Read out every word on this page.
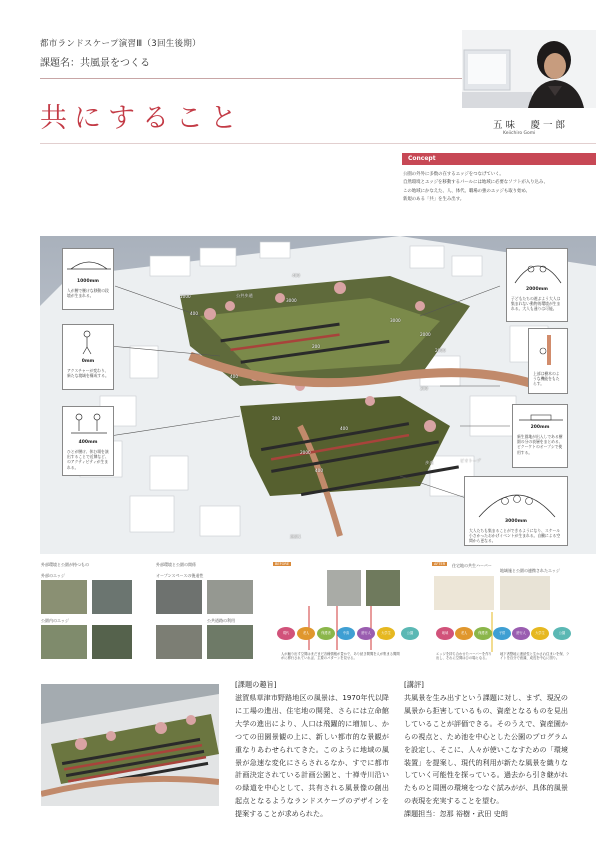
都市ランドスケープ演習Ⅲ（3回生後期）
課題名：共風景をつくる
共にすること	五味　慶一郎
Keiichiro Gomi
Concept
公園の外外に多数の在するエッジをつなげていく。
自然環境とエッジを移動するパールには地域に必要なソフトが入り込み、
この地域にかなえた、人、体代、職場の強のエッジも取り始め、
新規のある「共」を生み出す。
1000mm
人が腰で腰けな移動の段境が生まれる。
0mm
アクスチャーが変わり、新たな境域を構成する。
400mm
ひとが腰け、休む場を演出することで近隣など、のアクティビティが生まれる。
2000mm
子どもたちの遊ぶよう大人は集まれない動物的環境が生まれる。大人も通りは可能。
上部は樹木のような機能をもたらす。
200mm
新生園地が出入しである樹園の分の表層をまとめる、ピクーケトのオープシで使用する。
3000mm
大人たちも集まることができるようになり、スケール小さかったおかげイベントが生まれる。自働による空間から更なる。
400
1000
3000
2000
400
200
400
3000
200
400
2000
2000
200
400
歩道	ビオトープ
遊路1
公共歩道
外部環境と公園が持つもの
外部のエッジ
公園内のエッジ
外部環境と公園の関係
オープンスペースの後退性
公共道路の利用
BEFORE
現代	老人	保護者	中高	遊行人	大学生	公園
人が触り出す空間はまだまだ各種情報が豊かで、あり続き間間を人が集まる間間がに移行されていれば、主要のパターンを見せる。
AFTER	住宅地の共生ハーバー
地域施と公園の連携されたエッジ
地域	老人	保護者	子供	遊行人	大学生	公園
エッジを持ち合わせたハーバーを作り出し、それに空間はひの場となる。
地下者整地に連続性と生かされ住まいを保、ライトを自分で意識、成長を中心に図り。
[課題の趣旨]
滋賀県草津市野路地区の風景は、1970年代以降に工場の進出、住宅地の開発、さらには立命館大学の進出により、人口は飛躍的に増加し、かつての田園景観の上に、新しい都市的な景観が重なりあわせられてきた。このように地域の風景が急速な変化にさらされるなか、すでに都市計画決定されている計画公園と、十禅寺川沿いの緑道を中心として、共有される風景像の創出起点となるようなランドスケープのデザインを提案することが求められた。
[講評]
共風景を生み出すという課題に対し、まず、現況の風景から拒害しているもの、資産となるものを見出していることが評価できる。そのうえで、資産園からの視点と、ため池を中心とした公園のプログラムを設定し、そこに、人々が使いこなすための「環境装置」を提案し、現代的利用が新たな風景を織りなしていく可能性を探っている。過去から引き継がれたものと周囲の環境をつなぐ試みがが、具体的風景の表現を充実することを望む。
課題担当：忽那 裕樹・武田 史朗
